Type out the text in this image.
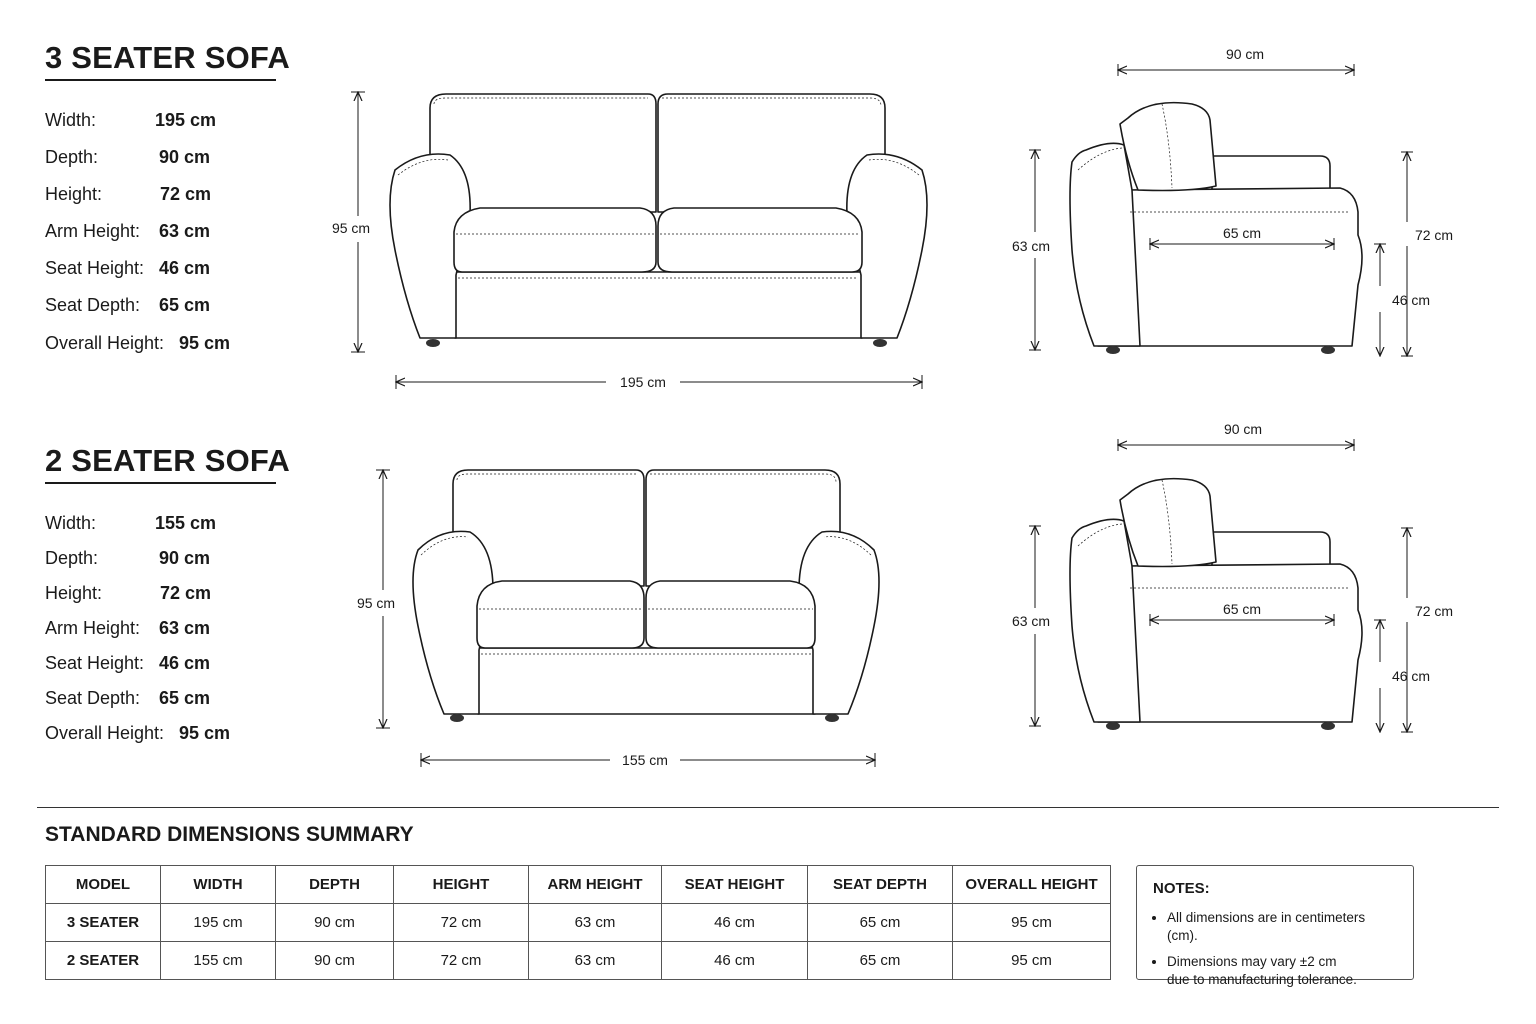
95 cm
195 cm
90 cm
63 cm
65 cm	72 cm
46 cm
95 cm
155 cm
90 cm
63 cm
65 cm	72 cm
46 cm
3 SEATER SOFA
Width:	195 cm
Depth:	90 cm
Height:	72 cm
Arm Height: 63 cm
Seat Height: 46 cm
Seat Depth: 65 cm
Overall Height: 95 cm
2 SEATER SOFA
Width:	155 cm
Depth:	90 cm
Height:	72 cm
Arm Height: 63 cm
Seat Height: 46 cm
Seat Depth: 65 cm
Overall Height: 95 cm
STANDARD DIMENSIONS SUMMARY
MODEL	WIDTH	DEPTH	HEIGHT	ARM HEIGHT	SEAT HEIGHT	SEAT DEPTH	OVERALL HEIGHT
3 SEATER	195 cm	90 cm	72 cm	63 cm	46 cm	65 cm	95 cm
2 SEATER	155 cm	90 cm	72 cm	63 cm	46 cm	65 cm	95 cm
NOTES:
• All dimensions are in centimeters (cm).
• Dimensions may vary ±2 cm
due to manufacturing tolerance.
